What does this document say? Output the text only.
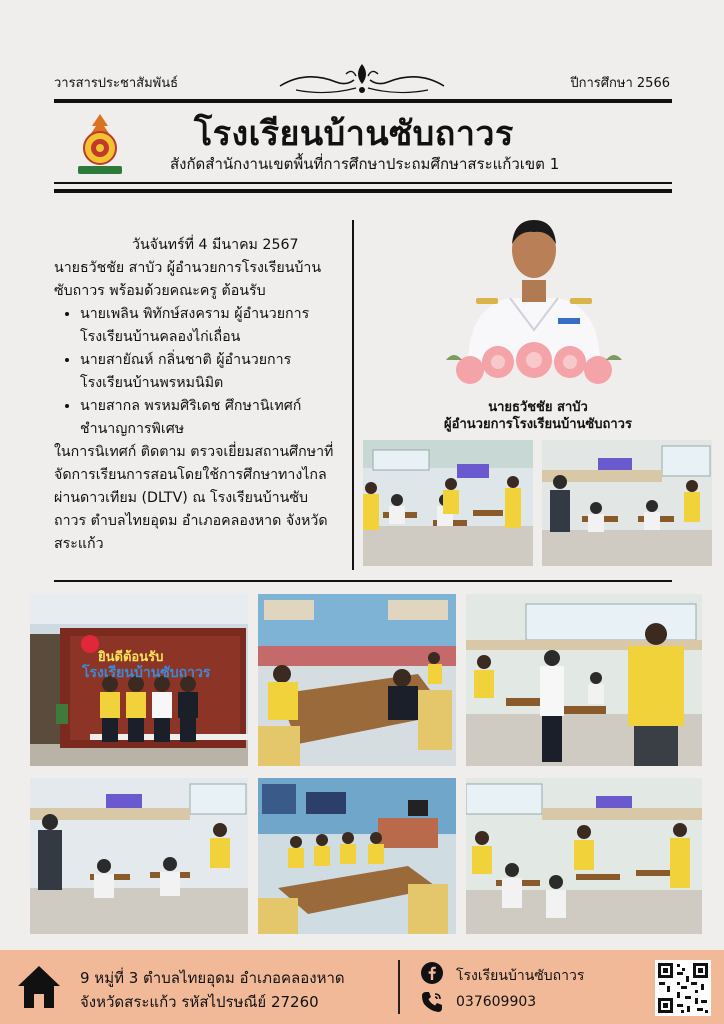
วารสารประชาสัมพันธ์	ปีการศึกษา 2566
โรงเรียนบ้านซับถาวร
สังกัดสำนักงานเขตพื้นที่การศึกษาประถมศึกษาสระแก้วเขต 1

วันจันทร์ที่ 4 มีนาคม 2567

นายธวัชชัย สาบัว ผู้อำนวยการโรงเรียนบ้านซับถาวร พร้อมด้วยคณะครู ต้อนรับ

• นายเพลิน พิทักษ์สงคราม ผู้อำนวยการโรงเรียนบ้านคลองไก่เถื่อน
• นายสายัณห์ กลิ่นชาติ ผู้อำนวยการโรงเรียนบ้านพรหมนิมิต
• นายสากล พรหมศิริเดช ศึกษานิเทศก์ชำนาญการพิเศษ

ในการนิเทศก์ ติดตาม ตรวจเยี่ยมสถานศึกษาที่จัดการเรียนการสอนโดยใช้การศึกษาทางไกลผ่านดาวเทียม (DLTV) ณ โรงเรียนบ้านซับถาวร ตำบลไทยอุดม อำเภอคลองหาด จังหวัดสระแก้ว

นายธวัชชัย สาบัว
ผู้อำนวยการโรงเรียนบ้านซับถาวร
ยินดีต้อนรับ
โรงเรียนบ้านซับถาวร
9 หมู่ที่ 3 ตำบลไทยอุดม อำเภอคลองหาด
จังหวัดสระแก้ว รหัสไปรษณีย์ 27260
โรงเรียนบ้านซับถาวร
037609903
